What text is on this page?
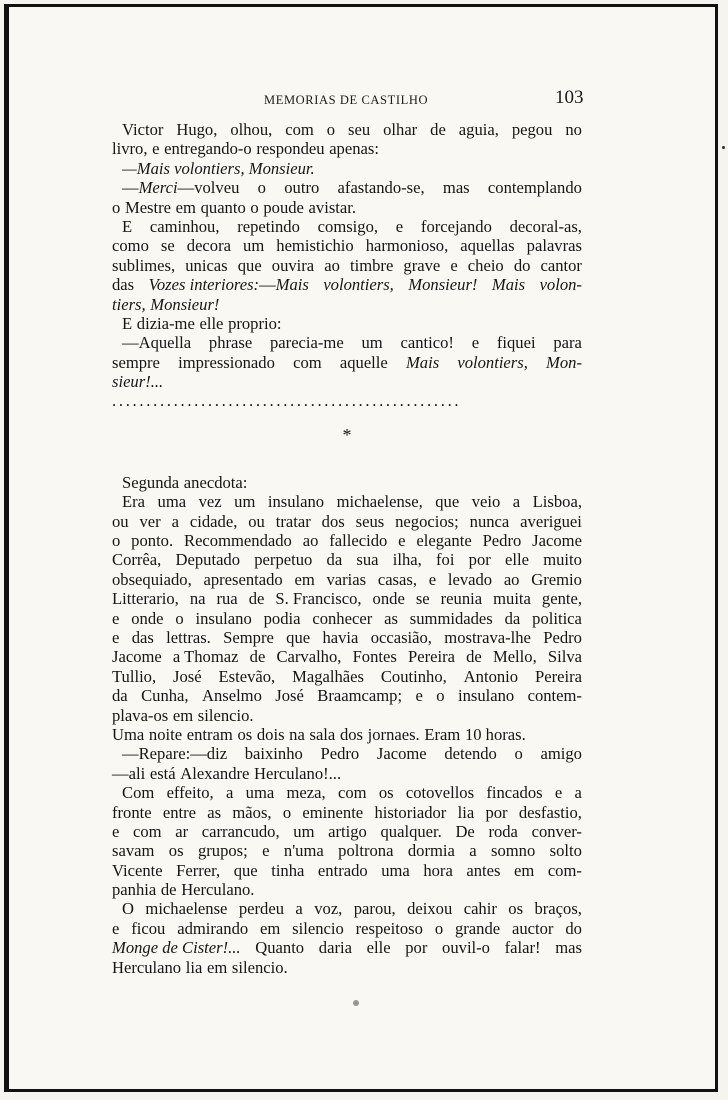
MEMORIAS DE CASTILHO	103
Victor Hugo, olhou, com o seu olhar de aguia, pegou no
livro, e entregando-o respondeu apenas:
—Mais volontiers, Monsieur.
—Merci—volveu o outro afastando-se, mas contemplando
o Mestre em quanto o poude avistar.
E caminhou, repetindo comsigo, e forcejando decoral-as,
como se decora um hemistichio harmonioso, aquellas palavras
sublimes, unicas que ouvira ao timbre grave e cheio do cantor
das Vozes interiores:—Mais volontiers, Monsieur! Mais volon-
tiers, Monsieur!
E dizia-me elle proprio:
—Aquella phrase parecia-me um cantico! e fiquei para
sempre impressionado com aquelle Mais volontiers, Mon-
sieur!...
...................................................
*
Segunda anecdota:
Era uma vez um insulano michaelense, que veio a Lisboa,
ou ver a cidade, ou tratar dos seus negocios; nunca averiguei
o ponto. Recommendado ao fallecido e elegante Pedro Jacome
Corrêa, Deputado perpetuo da sua ilha, foi por elle muito
obsequiado, apresentado em varias casas, e levado ao Gremio
Litterario, na rua de S. Francisco, onde se reunia muita gente,
e onde o insulano podia conhecer as summidades da politica
e das lettras. Sempre que havia occasião, mostrava-lhe Pedro
Jacome a Thomaz de Carvalho, Fontes Pereira de Mello, Silva
Tullio, José Estevão, Magalhães Coutinho, Antonio Pereira
da Cunha, Anselmo José Braamcamp; e o insulano contem-
plava-os em silencio.
Uma noite entram os dois na sala dos jornaes. Eram 10 horas.
—Repare:—diz baixinho Pedro Jacome detendo o amigo
—ali está Alexandre Herculano!...
Com effeito, a uma meza, com os cotovellos fincados e a
fronte entre as mãos, o eminente historiador lia por desfastio,
e com ar carrancudo, um artigo qualquer. De roda conver-
savam os grupos; e n'uma poltrona dormia a somno solto
Vicente Ferrer, que tinha entrado uma hora antes em com-
panhia de Herculano.
O michaelense perdeu a voz, parou, deixou cahir os braços,
e ficou admirando em silencio respeitoso o grande auctor do
Monge de Cister!... Quanto daria elle por ouvil-o falar! mas
Herculano lia em silencio.
